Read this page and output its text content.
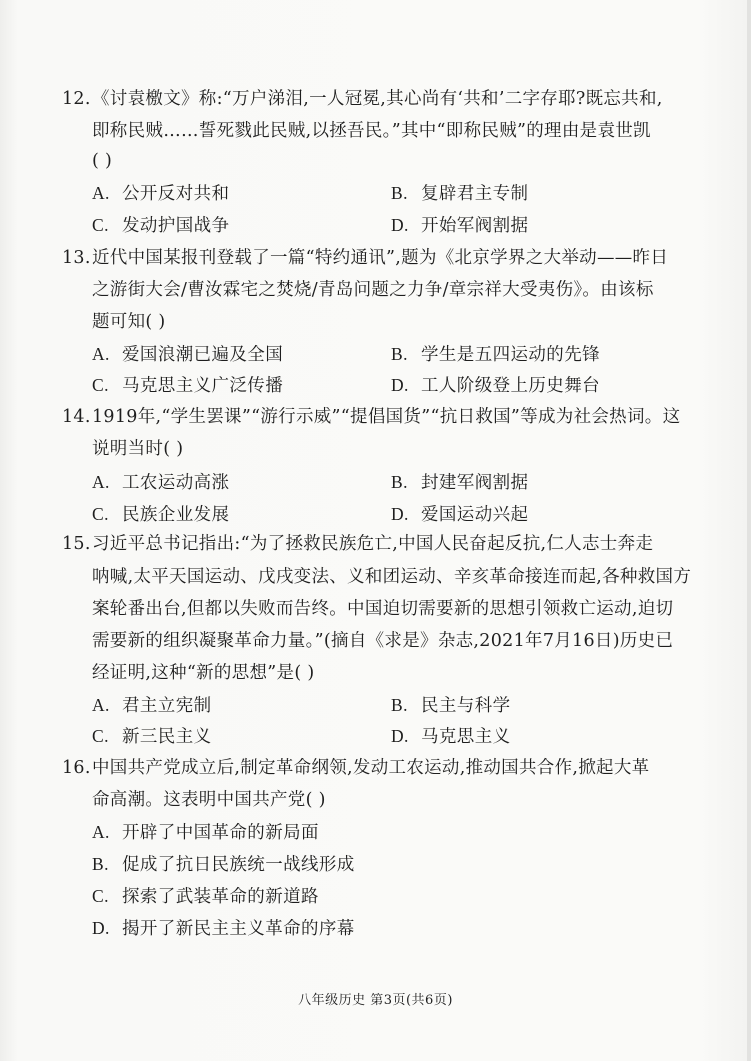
12.《讨袁檄文》称:“万户涕泪,一人冠冕,其心尚有‘共和’二字存耶?既忘共和,
即称民贼……誓死戮此民贼,以拯吾民。”其中“即称民贼”的理由是袁世凯
( )
A. 公开反对共和	B. 复辟君主专制
C. 发动护国战争	D. 开始军阀割据
13.近代中国某报刊登载了一篇“特约通讯”,题为《北京学界之大举动——昨日
之游街大会/曹汝霖宅之焚烧/青岛问题之力争/章宗祥大受夷伤》。由该标
题可知( )
A. 爱国浪潮已遍及全国	B. 学生是五四运动的先锋
C. 马克思主义广泛传播	D. 工人阶级登上历史舞台
14.1919年,“学生罢课”“游行示威”“提倡国货”“抗日救国”等成为社会热词。这
说明当时( )
A. 工农运动高涨	B. 封建军阀割据
C. 民族企业发展	D. 爱国运动兴起
15.习近平总书记指出:“为了拯救民族危亡,中国人民奋起反抗,仁人志士奔走
呐喊,太平天国运动、戊戌变法、义和团运动、辛亥革命接连而起,各种救国方
案轮番出台,但都以失败而告终。中国迫切需要新的思想引领救亡运动,迫切
需要新的组织凝聚革命力量。”(摘自《求是》杂志,2021年7月16日)历史已
经证明,这种“新的思想”是( )
A. 君主立宪制	B. 民主与科学
C. 新三民主义	D. 马克思主义
16.中国共产党成立后,制定革命纲领,发动工农运动,推动国共合作,掀起大革
命高潮。这表明中国共产党( )
A. 开辟了中国革命的新局面
B. 促成了抗日民族统一战线形成
C. 探索了武装革命的新道路
D. 揭开了新民主主义革命的序幕
八年级历史 第3页(共6页)
